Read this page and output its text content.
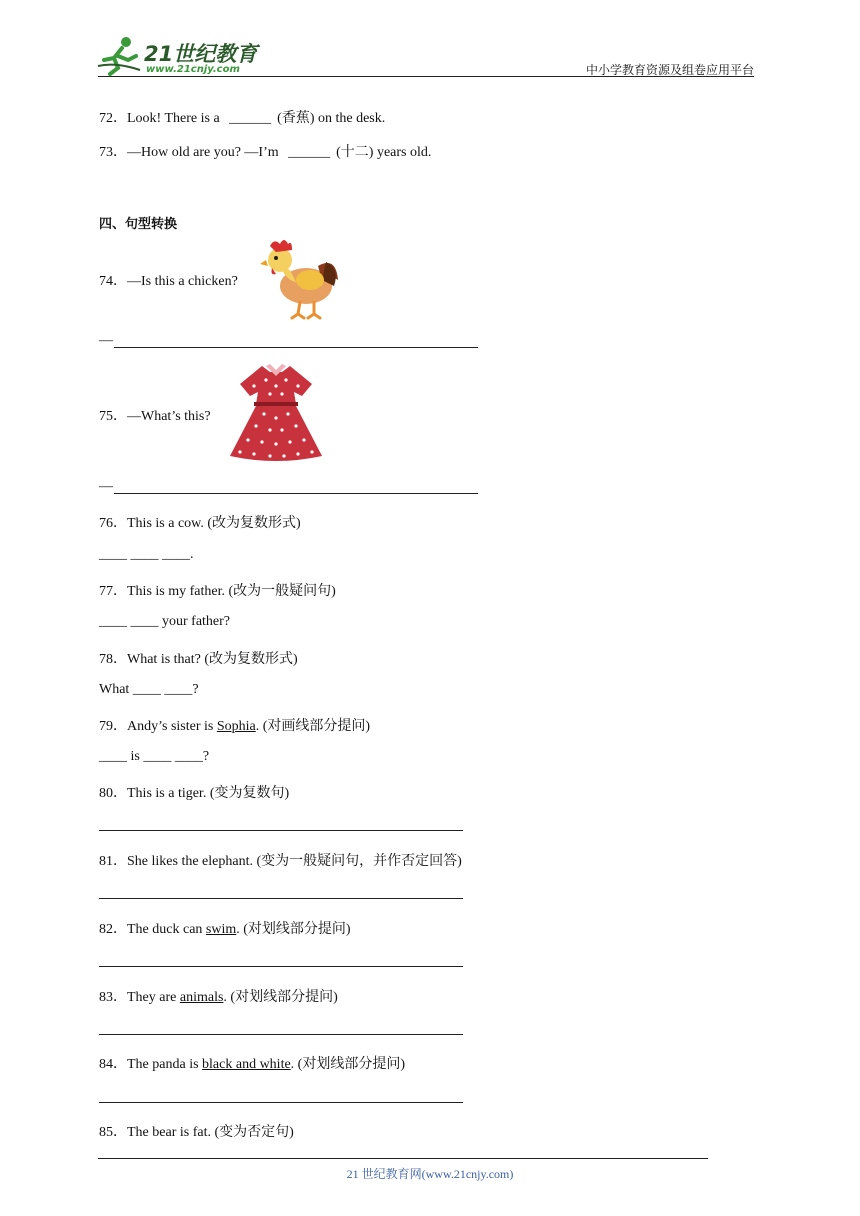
21世纪教育
www.21cnjy.com	中小学教育资源及组卷应用平台
72．Look! There is a ______ (香蕉) on the desk.
73．—How old are you? —I’m ______ (十二) years old.
四、句型转换
74．—Is this a chicken?
—
75．—What’s this?
—
76．This is a cow. (改为复数形式)
____ ____ ____.
77．This is my father. (改为一般疑问句)
____ ____ your father?
78．What is that? (改为复数形式)
What ____ ____?
79．Andy’s sister is Sophia. (对画线部分提问)
____ is ____ ____?
80．This is a tiger. (变为复数句)
81．She likes the elephant. (变为一般疑问句，并作否定回答)
82．The duck can swim. (对划线部分提问)
83．They are animals. (对划线部分提问)
84．The panda is black and white. (对划线部分提问)
85．The bear is fat. (变为否定句)
21 世纪教育网(www.21cnjy.com)
